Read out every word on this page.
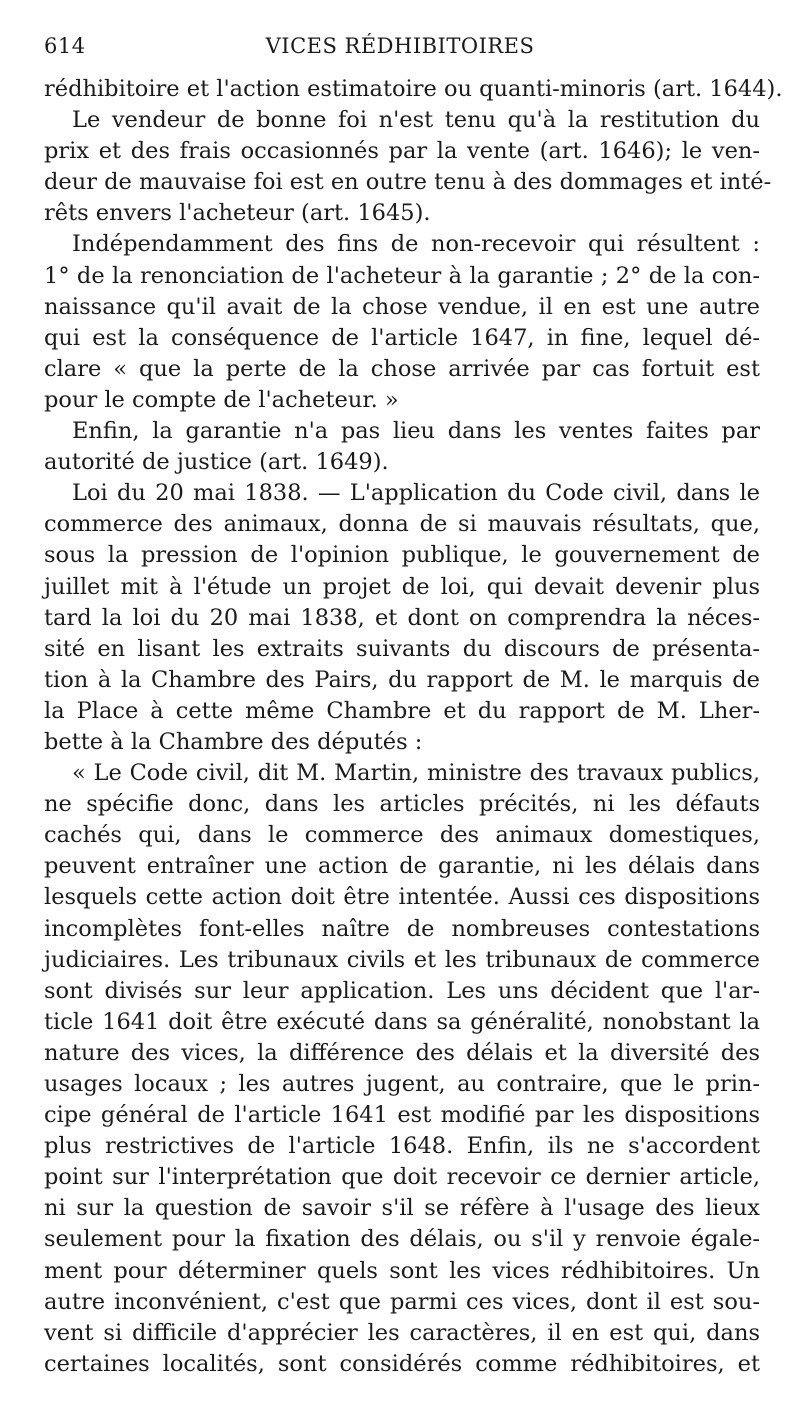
614	VICES RÉDHIBITOIRES
rédhibitoire et l'action estimatoire ou quanti-minoris (art. 1644).
Le vendeur de bonne foi n'est tenu qu'à la restitution du
prix et des frais occasionnés par la vente (art. 1646); le ven-
deur de mauvaise foi est en outre tenu à des dommages et inté-
rêts envers l'acheteur (art. 1645).
Indépendamment des fins de non-recevoir qui résultent :
1° de la renonciation de l'acheteur à la garantie ; 2° de la con-
naissance qu'il avait de la chose vendue, il en est une autre
qui est la conséquence de l'article 1647, in fine, lequel dé-
clare « que la perte de la chose arrivée par cas fortuit est
pour le compte de l'acheteur. »
Enfin, la garantie n'a pas lieu dans les ventes faites par
autorité de justice (art. 1649).
Loi du 20 mai 1838. — L'application du Code civil, dans le
commerce des animaux, donna de si mauvais résultats, que,
sous la pression de l'opinion publique, le gouvernement de
juillet mit à l'étude un projet de loi, qui devait devenir plus
tard la loi du 20 mai 1838, et dont on comprendra la néces-
sité en lisant les extraits suivants du discours de présenta-
tion à la Chambre des Pairs, du rapport de M. le marquis de
la Place à cette même Chambre et du rapport de M. Lher-
bette à la Chambre des députés :
« Le Code civil, dit M. Martin, ministre des travaux publics,
ne spécifie donc, dans les articles précités, ni les défauts
cachés qui, dans le commerce des animaux domestiques,
peuvent entraîner une action de garantie, ni les délais dans
lesquels cette action doit être intentée. Aussi ces dispositions
incomplètes font-elles naître de nombreuses contestations
judiciaires. Les tribunaux civils et les tribunaux de commerce
sont divisés sur leur application. Les uns décident que l'ar-
ticle 1641 doit être exécuté dans sa généralité, nonobstant la
nature des vices, la différence des délais et la diversité des
usages locaux ; les autres jugent, au contraire, que le prin-
cipe général de l'article 1641 est modifié par les dispositions
plus restrictives de l'article 1648. Enfin, ils ne s'accordent
point sur l'interprétation que doit recevoir ce dernier article,
ni sur la question de savoir s'il se réfère à l'usage des lieux
seulement pour la fixation des délais, ou s'il y renvoie égale-
ment pour déterminer quels sont les vices rédhibitoires. Un
autre inconvénient, c'est que parmi ces vices, dont il est sou-
vent si difficile d'apprécier les caractères, il en est qui, dans
certaines localités, sont considérés comme rédhibitoires, et
